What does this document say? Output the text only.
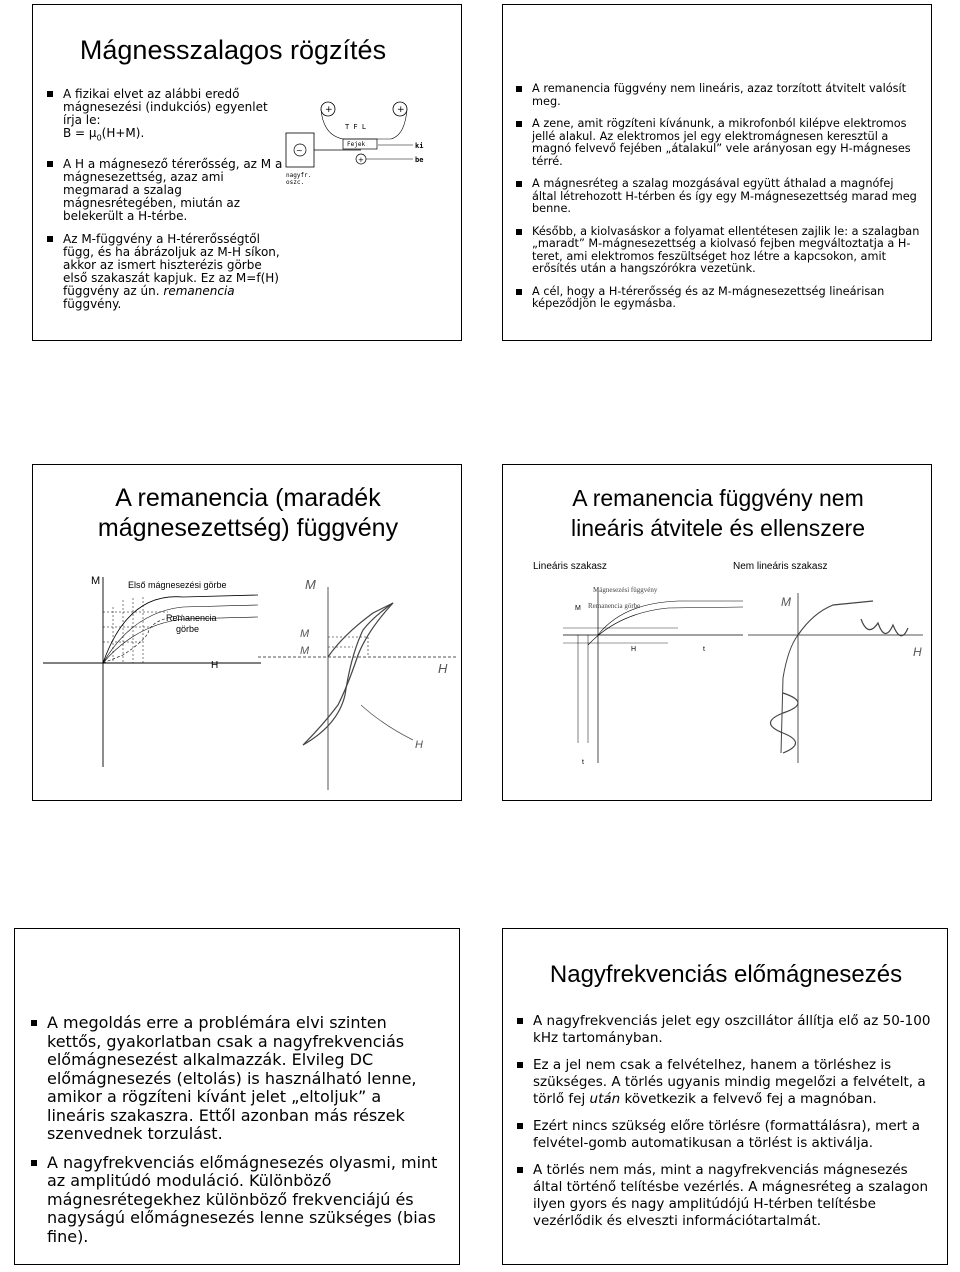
Mágnesszalagos rögzítés
A fizikai elvet az alábbi eredő
mágnesezési (indukciós) egyenlet
írja le:
$B = \mu_0(H+M)$.
A H a mágnesező térerősség, az M a mágnesezettség, azaz ami megmarad a szalag mágnesrétegében, miután az belekerült a H-térbe.
Az M-függvény a H-térerősségtől függ, és ha ábrázoljuk az M-H síkon, akkor az ismert hiszterézis görbe első szakaszát kapjuk. Ez az M=f(H) függvény az ún. remanencia függvény.
+	+
~
T F L
Fejek	ki
+	be
nagyfr.
oszc.
A remanencia függvény nem lineáris, azaz torzított átvitelt valósít meg.
A zene, amit rögzíteni kívánunk, a mikrofonból kilépve elektromos jellé alakul. Az elektromos jel egy elektromágnesen keresztül a magnó felvevő fejében „átalakul” vele arányosan egy H-mágneses térré.
A mágnesréteg a szalag mozgásával együtt áthalad a magnófej által létrehozott H-térben és így egy M-mágnesezettség marad meg benne.
Később, a kiolvasáskor a folyamat ellentétesen zajlik le: a szalagban „maradt” M-mágnesezettség a kiolvasó fejben megváltoztatja a H-teret, ami elektromos feszültséget hoz létre a kapcsokon, amit erősítés után a hangszórókra vezetünk.
A cél, hogy a H-térerősség és az M-mágnesezettség lineárisan képeződjön le egymásba.
A remanencia (maradék
mágnesezettség) függvény
M	Első mágnesezési görbe
Remanencia
görbe
H
M
M
M
H
H
A remanencia függvény nem
lineáris átvitele és ellenszere
Lineáris szakasz	Nem lineáris szakasz
Mágnesezési függvény
Remanencia görbe
M
H	t
t
M
H
A megoldás erre a problémára elvi szinten kettős, gyakorlatban csak a nagyfrekvenciás előmágnesezést alkalmazzák. Elvileg DC előmágnesezés (eltolás) is használható lenne, amikor a rögzíteni kívánt jelet „eltoljuk” a lineáris szakaszra. Ettől azonban más részek szenvednek torzulást.
A nagyfrekvenciás előmágnesezés olyasmi, mint az amplitúdó moduláció. Különböző mágnesrétegekhez különböző frekvenciájú és nagyságú előmágnesezés lenne szükséges (bias fine).
Nagyfrekvenciás előmágnesezés
A nagyfrekvenciás jelet egy oszcillátor állítja elő az 50-100 kHz tartományban.
Ez a jel nem csak a felvételhez, hanem a törléshez is szükséges. A törlés ugyanis mindig megelőzi a felvételt, a törlő fej után következik a felvevő fej a magnóban.
Ezért nincs szükség előre törlésre (formattálásra), mert a felvétel-gomb automatikusan a törlést is aktiválja.
A törlés nem más, mint a nagyfrekvenciás mágnesezés által történő telítésbe vezérlés. A mágnesréteg a szalagon ilyen gyors és nagy amplitúdójú H-térben telítésbe vezérlődik és elveszti információtartalmát.
